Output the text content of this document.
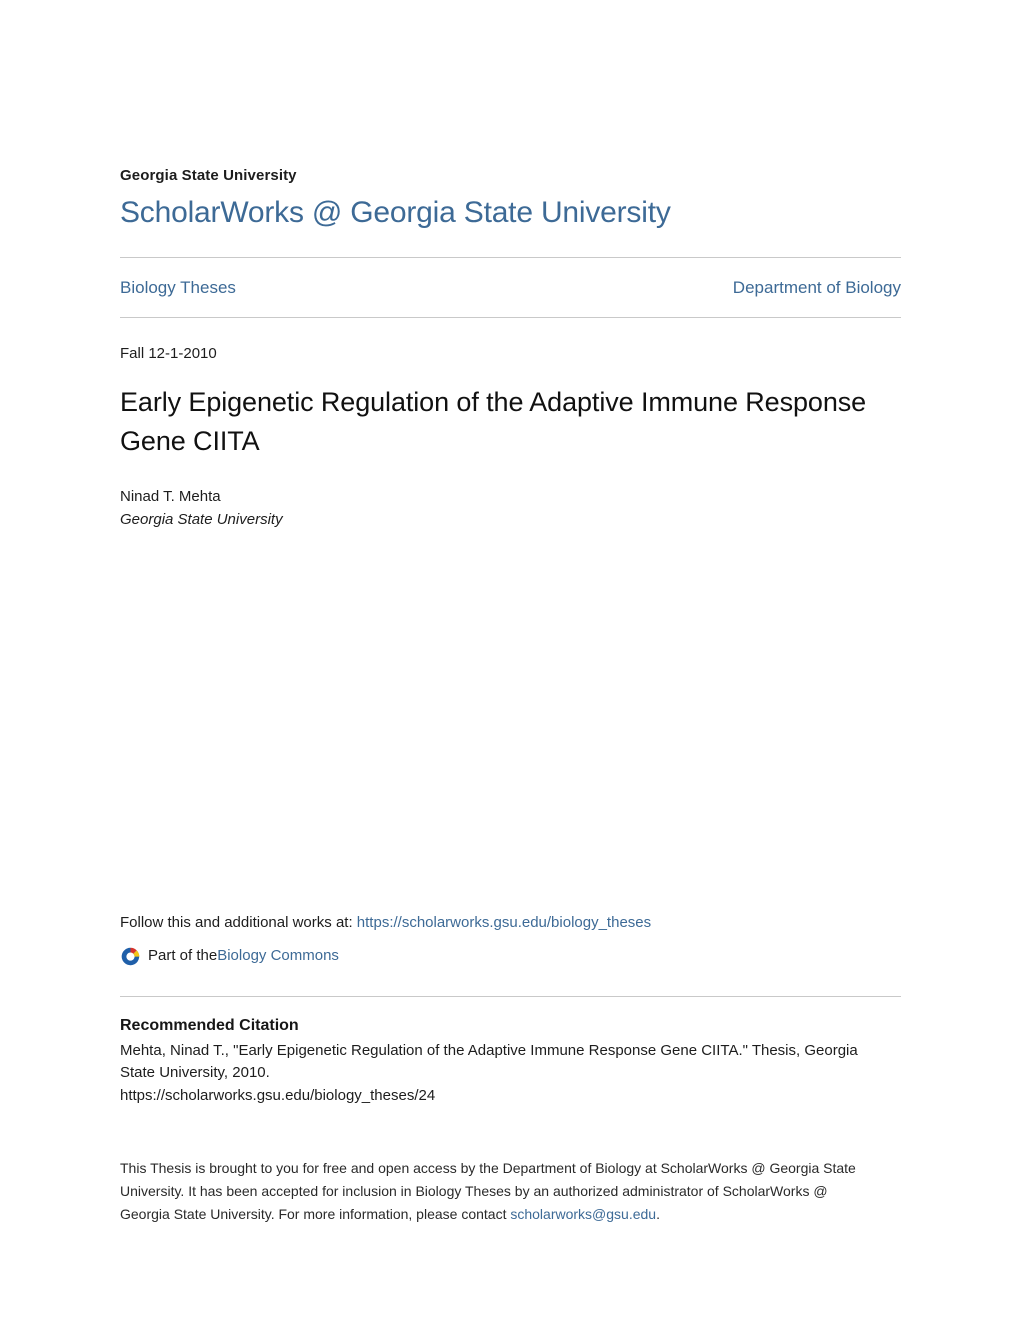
Georgia State University
ScholarWorks @ Georgia State University
Biology Theses	Department of Biology
Fall 12-1-2010
Early Epigenetic Regulation of the Adaptive Immune Response Gene CIITA
Ninad T. Mehta
Georgia State University
Follow this and additional works at: https://scholarworks.gsu.edu/biology_theses
Part of the Biology Commons
Recommended Citation
Mehta, Ninad T., "Early Epigenetic Regulation of the Adaptive Immune Response Gene CIITA." Thesis, Georgia State University, 2010.
https://scholarworks.gsu.edu/biology_theses/24

This Thesis is brought to you for free and open access by the Department of Biology at ScholarWorks @ Georgia State University. It has been accepted for inclusion in Biology Theses by an authorized administrator of ScholarWorks @ Georgia State University. For more information, please contact scholarworks@gsu.edu.
